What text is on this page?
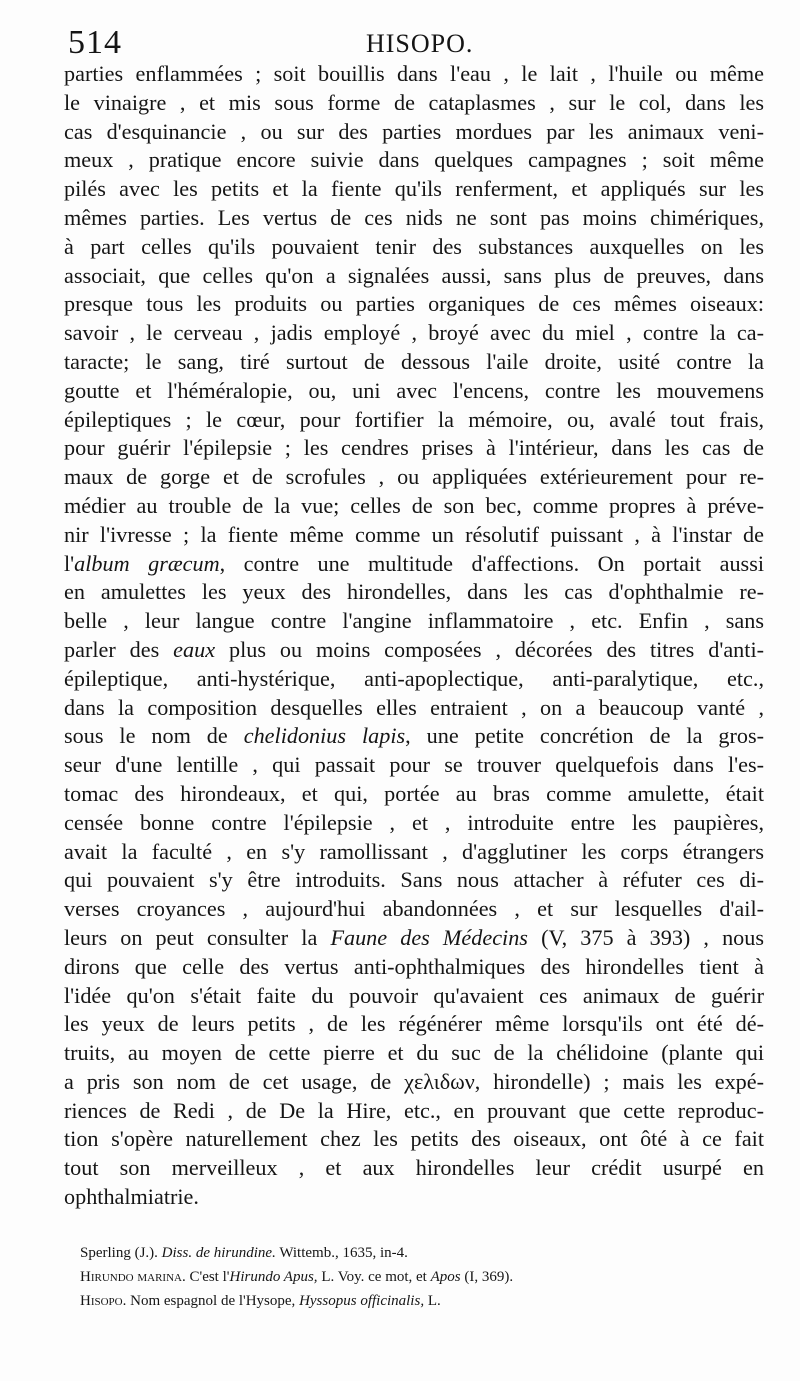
514	HISOPO.
parties enflammées ; soit bouillis dans l'eau , le lait , l'huile ou même
le vinaigre , et mis sous forme de cataplasmes , sur le col, dans les
cas d'esquinancie , ou sur des parties mordues par les animaux veni-
meux , pratique encore suivie dans quelques campagnes ; soit même
pilés avec les petits et la fiente qu'ils renferment, et appliqués sur les
mêmes parties. Les vertus de ces nids ne sont pas moins chimériques,
à part celles qu'ils pouvaient tenir des substances auxquelles on les
associait, que celles qu'on a signalées aussi, sans plus de preuves, dans
presque tous les produits ou parties organiques de ces mêmes oiseaux:
savoir , le cerveau , jadis employé , broyé avec du miel , contre la ca-
taracte; le sang, tiré surtout de dessous l'aile droite, usité contre la
goutte et l'héméralopie, ou, uni avec l'encens, contre les mouvemens
épileptiques ; le cœur, pour fortifier la mémoire, ou, avalé tout frais,
pour guérir l'épilepsie ; les cendres prises à l'intérieur, dans les cas de
maux de gorge et de scrofules , ou appliquées extérieurement pour re-
médier au trouble de la vue; celles de son bec, comme propres à préve-
nir l'ivresse ; la fiente même comme un résolutif puissant , à l'instar de
l'album græcum, contre une multitude d'affections. On portait aussi
en amulettes les yeux des hirondelles, dans les cas d'ophthalmie re-
belle , leur langue contre l'angine inflammatoire , etc. Enfin , sans
parler des eaux plus ou moins composées , décorées des titres d'anti-
épileptique, anti-hystérique, anti-apoplectique, anti-paralytique, etc.,
dans la composition desquelles elles entraient , on a beaucoup vanté ,
sous le nom de chelidonius lapis, une petite concrétion de la gros-
seur d'une lentille , qui passait pour se trouver quelquefois dans l'es-
tomac des hirondeaux, et qui, portée au bras comme amulette, était
censée bonne contre l'épilepsie , et , introduite entre les paupières,
avait la faculté , en s'y ramollissant , d'agglutiner les corps étrangers
qui pouvaient s'y être introduits. Sans nous attacher à réfuter ces di-
verses croyances , aujourd'hui abandonnées , et sur lesquelles d'ail-
leurs on peut consulter la Faune des Médecins (V, 375 à 393) , nous
dirons que celle des vertus anti-ophthalmiques des hirondelles tient à
l'idée qu'on s'était faite du pouvoir qu'avaient ces animaux de guérir
les yeux de leurs petits , de les régénérer même lorsqu'ils ont été dé-
truits, au moyen de cette pierre et du suc de la chélidoine (plante qui
a pris son nom de cet usage, de χελιδων, hirondelle) ; mais les expé-
riences de Redi , de De la Hire, etc., en prouvant que cette reproduc-
tion s'opère naturellement chez les petits des oiseaux, ont ôté à ce fait
tout son merveilleux , et aux hirondelles leur crédit usurpé en
ophthalmiatrie.
Sperling (J.). Diss. de hirundine. Wittemb., 1635, in-4.
Hirundo marina. C'est l'Hirundo Apus, L. Voy. ce mot, et Apos (I, 369).
Hisopo. Nom espagnol de l'Hysope, Hyssopus officinalis, L.
